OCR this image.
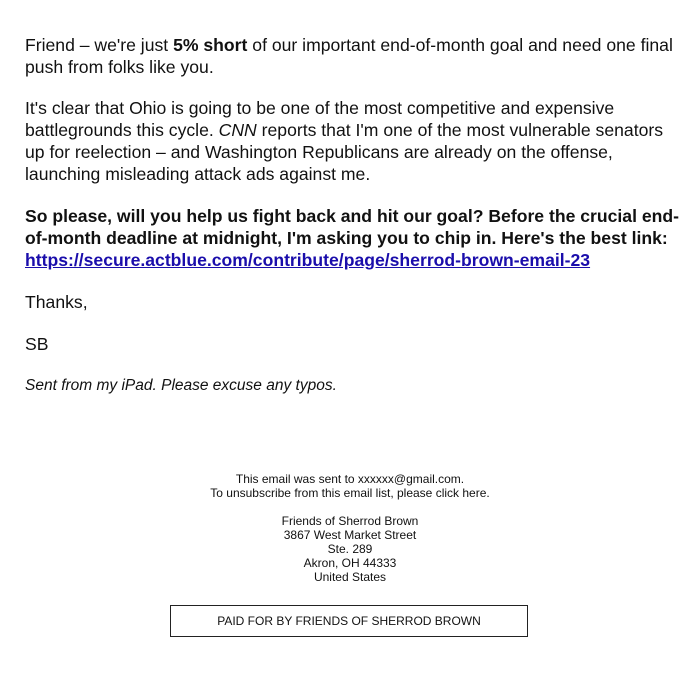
Friend – we're just 5% short of our important end-of-month goal and need one final push from folks like you.

It's clear that Ohio is going to be one of the most competitive and expensive battlegrounds this cycle. CNN reports that I'm one of the most vulnerable senators up for reelection – and Washington Republicans are already on the offense, launching misleading attack ads against me.

So please, will you help us fight back and hit our goal? Before the crucial end-of-month deadline at midnight, I'm asking you to chip in. Here's the best link: https://secure.actblue.com/contribute/page/sherrod-brown-email-23

Thanks,

SB

Sent from my iPad. Please excuse any typos.

This email was sent to xxxxxx@gmail.com.
To unsubscribe from this email list, please click here.
Friends of Sherrod Brown
3867 West Market Street
Ste. 289
Akron, OH 44333
United States
PAID FOR BY FRIENDS OF SHERROD BROWN
